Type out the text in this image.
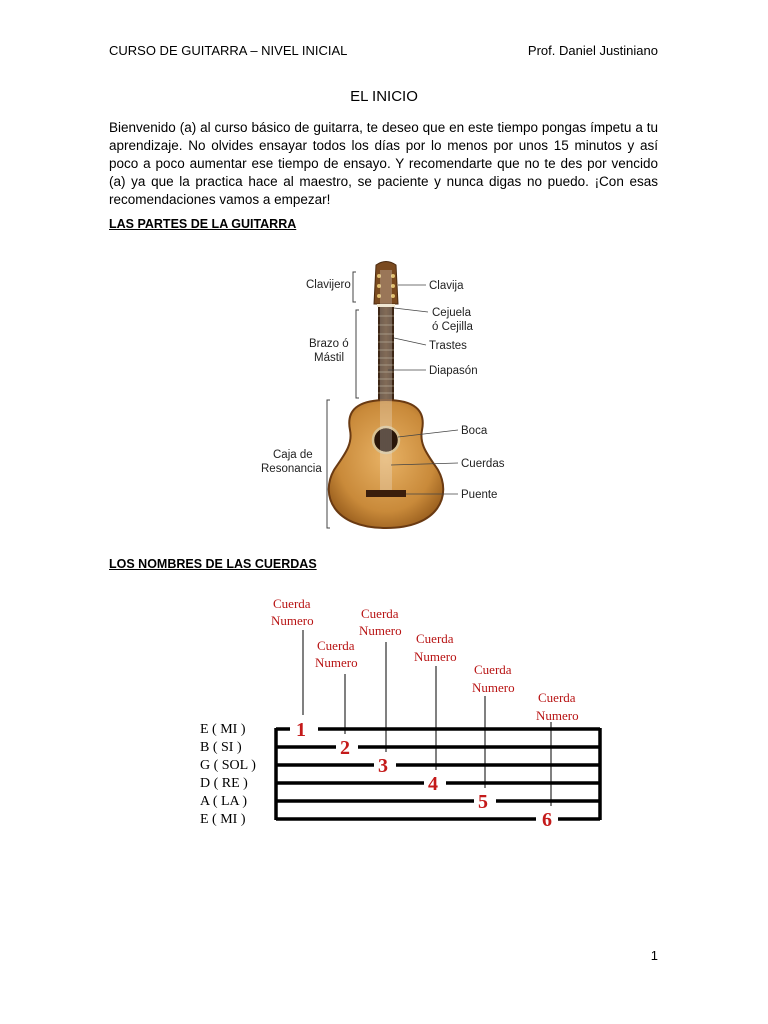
CURSO DE GUITARRA – NIVEL INICIAL	Prof. Daniel Justiniano
EL INICIO

Bienvenido (a) al curso básico de guitarra, te deseo que en este tiempo pongas ímpetu a tu aprendizaje. No olvides ensayar todos los días por lo menos por unos 15 minutos y así poco a poco aumentar ese tiempo de ensayo. Y recomendarte que no te des por vencido (a) ya que la practica hace al maestro, se paciente y nunca digas no puedo. ¡Con esas recomendaciones vamos a empezar!

LAS PARTES DE LA GUITARRA
Clavijero	Clavija
Cejuela
ó Cejilla
Brazo ó
Mástil
Trastes
Diapasón
Caja de
Resonancia
Boca
Cuerdas
Puente
LOS NOMBRES DE LAS CUERDAS
E ( MI )
B ( SI )
G ( SOL )
D ( RE )
A ( LA )
E ( MI )
Cuerda
Numero
Cuerda
Numero
Cuerda
Numero
Cuerda
Numero
Cuerda
Numero
Cuerda
Numero
1
2
3
4
5
6
1
